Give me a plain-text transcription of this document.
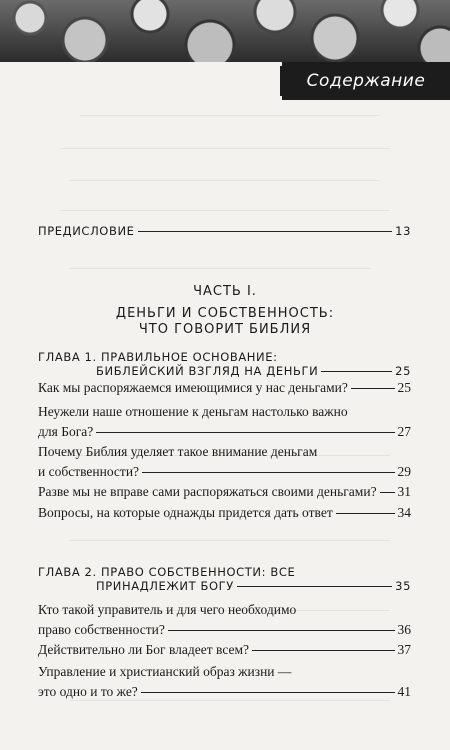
Содержание
ПРЕДИСЛОВИЕ	13
ЧАСТЬ I.
ДЕНЬГИ И СОБСТВЕННОСТЬ:
ЧТО ГОВОРИТ БИБЛИЯ
ГЛАВА 1. ПРАВИЛЬНОЕ ОСНОВАНИЕ:
БИБЛЕЙСКИЙ ВЗГЛЯД НА ДЕНЬГИ	25
Как мы распоряжаемся имеющимися у нас деньгами?	25
Неужели наше отношение к деньгам настолько важно
для Бога?	27
Почему Библия уделяет такое внимание деньгам
и собственности?	29
Разве мы не вправе сами распоряжаться своими деньгами? 31
Вопросы, на которые однажды придется дать ответ	34
ГЛАВА 2. ПРАВО СОБСТВЕННОСТИ: ВСЕ
ПРИНАДЛЕЖИТ БОГУ	35
Кто такой управитель и для чего необходимо
право собственности?	36
Действительно ли Бог владеет всем?	37
Управление и христианский образ жизни —
это одно и то же?	41
